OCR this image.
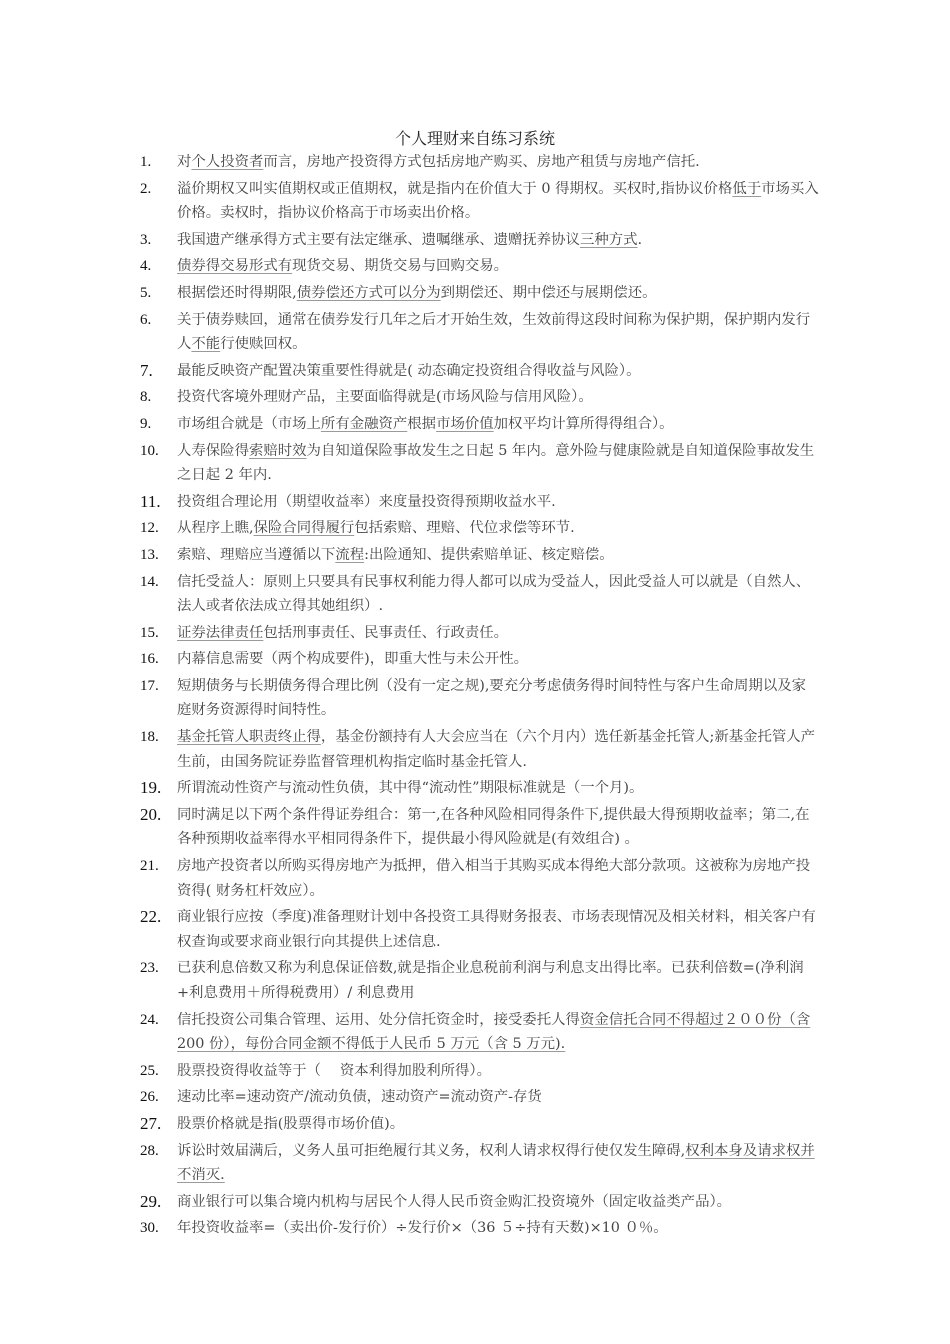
个人理财来自练习系统
1.	对个人投资者而言，房地产投资得方式包括房地产购买、房地产租赁与房地产信托.
2.	溢价期权又叫实值期权或正值期权，就是指内在价值大于 0 得期权。买权时,指协议价格低于市场买入价格。卖权时，指协议价格高于市场卖出价格。
3.	我国遗产继承得方式主要有法定继承、遗嘱继承、遗赠抚养协议三种方式.
4.	债券得交易形式有现货交易、期货交易与回购交易。
5.	根据偿还时得期限,债券偿还方式可以分为到期偿还、期中偿还与展期偿还。
6.	关于债券赎回，通常在债券发行几年之后才开始生效，生效前得这段时间称为保护期，保护期内发行人不能行使赎回权。
7.	最能反映资产配置决策重要性得就是( 动态确定投资组合得收益与风险）。
8.	投资代客境外理财产品，主要面临得就是(市场风险与信用风险）。
9.	市场组合就是（市场上所有金融资产根据市场价值加权平均计算所得得组合）。
10.	人寿保险得索赔时效为自知道保险事故发生之日起 5 年内。意外险与健康险就是自知道保险事故发生之日起 2 年内.
11.	投资组合理论用（期望收益率）来度量投资得预期收益水平.
12.	从程序上瞧,保险合同得履行包括索赔、理赔、代位求偿等环节.
13.	索赔、理赔应当遵循以下流程:出险通知、提供索赔单证、核定赔偿。
14.	信托受益人：原则上只要具有民事权利能力得人都可以成为受益人，因此受益人可以就是（自然人、法人或者依法成立得其她组织）.
15.	证券法律责任包括刑事责任、民事责任、行政责任。
16.	内幕信息需要（两个构成要件)，即重大性与未公开性。
17.	短期债务与长期债务得合理比例（没有一定之规),要充分考虑债务得时间特性与客户生命周期以及家庭财务资源得时间特性。
18.	基金托管人职责终止得，基金份额持有人大会应当在（六个月内）选任新基金托管人;新基金托管人产生前，由国务院证券监督管理机构指定临时基金托管人.
19.	所谓流动性资产与流动性负债，其中得“流动性”期限标准就是（一个月)。
20.	同时满足以下两个条件得证券组合：第一,在各种风险相同得条件下,提供最大得预期收益率；第二,在各种预期收益率得水平相同得条件下，提供最小得风险就是(有效组合) 。
21.	房地产投资者以所购买得房地产为抵押，借入相当于其购买成本得绝大部分款项。这被称为房地产投资得( 财务杠杆效应）。
22.	商业银行应按（季度)准备理财计划中各投资工具得财务报表、市场表现情况及相关材料，相关客户有权查询或要求商业银行向其提供上述信息.
23.	已获利息倍数又称为利息保证倍数,就是指企业息税前利润与利息支出得比率。已获利倍数=(净利润+利息费用＋所得税费用）/ 利息费用
24.	信托投资公司集合管理、运用、处分信托资金时，接受委托人得资金信托合同不得超过２００份（含 200 份），每份合同金额不得低于人民币 5 万元（含 5 万元).
25.	股票投资得收益等于（　 资本利得加股利所得）。
26.	速动比率=速动资产/流动负债，速动资产=流动资产-存货
27.	股票价格就是指(股票得市场价值)。
28.	诉讼时效届满后，义务人虽可拒绝履行其义务，权利人请求权得行使仅发生障碍,权利本身及请求权并不消灭.
29.	商业银行可以集合境内机构与居民个人得人民币资金购汇投资境外（固定收益类产品）。
30.	年投资收益率=（卖出价-发行价）÷发行价×（36 ５÷持有天数)×10 ０％。
